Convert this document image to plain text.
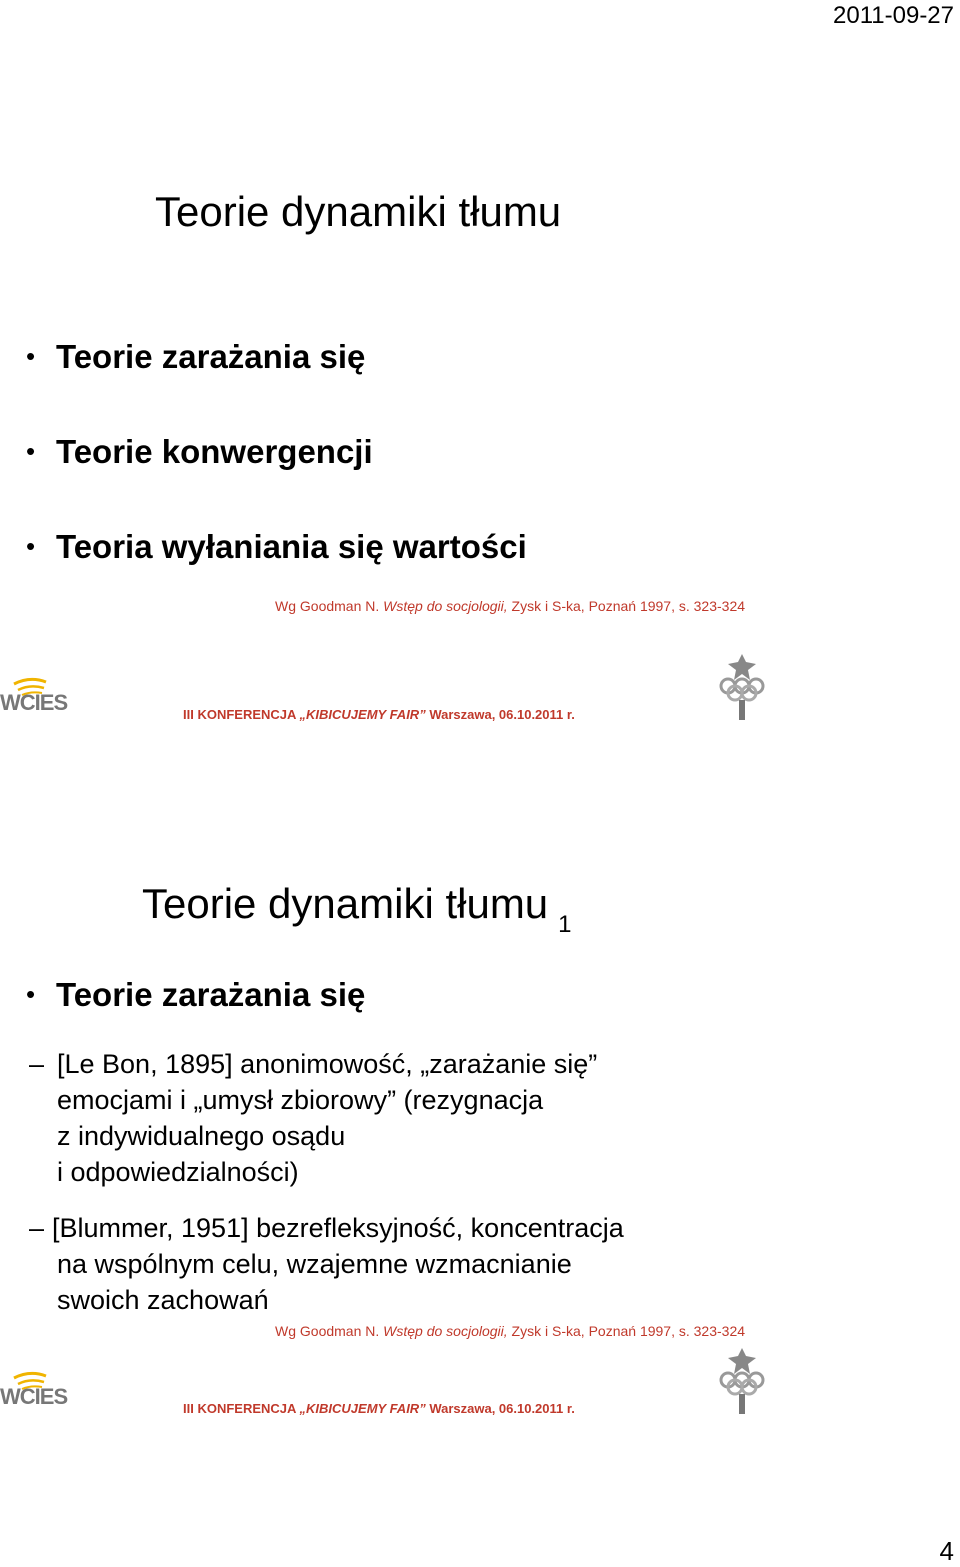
2011-09-27
Teorie dynamiki tłumu
• Teorie zarażania się
• Teorie konwergencji
• Teoria wyłaniania się wartości
Wg Goodman N. Wstęp do socjologii, Zysk i S-ka, Poznań 1997, s. 323-324
WCIES	III KONFERENCJA „KIBICUJEMY FAIR” Warszawa, 06.10.2011 r.
Teorie dynamiki tłumu $_1$
• Teorie zarażania się
– [Le Bon, 1895] anonimowość, „zarażanie się”
emocjami i „umysł zbiorowy” (rezygnacja
z indywidualnego osądu
i odpowiedzialności)
– [Blummer, 1951] bezrefleksyjność, koncentracja
na wspólnym celu, wzajemne wzmacnianie
swoich zachowań
Wg Goodman N. Wstęp do socjologii, Zysk i S-ka, Poznań 1997, s. 323-324
WCIES	III KONFERENCJA „KIBICUJEMY FAIR” Warszawa, 06.10.2011 r.
4
